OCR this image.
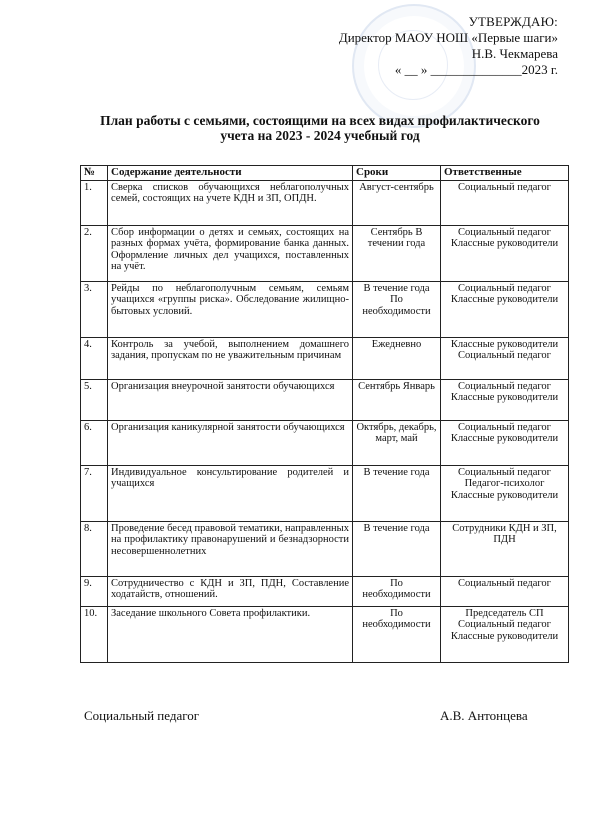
УТВЕРЖДАЮ:
Директор МАОУ НОШ «Первые шаги»
Н.В. Чекмарева
« __ » ______________2023 г.
План работы с семьями, состоящими на всех видах профилактического
учета на 2023 - 2024 учебный год
№	Содержание деятельности	Сроки	Ответственные
1.	Сверка списков обучающихся неблагополучных семей, состоящих на учете КДН и ЗП, ОПДН.	Август-сентябрь	Социальный педагог
2.	Сбор информации о детях и семьях, состоящих на разных формах учёта, формирование банка данных. Оформление личных дел учащихся, поставленных на учёт.	Сентябрь В течении года	Социальный педагог Классные руководители
3.	Рейды по неблагополучным семьям, семьям учащихся «группы риска». Обследование жилищно-бытовых условий.	В течение года По необходимости	Социальный педагог Классные руководители
4.	Контроль за учебой, выполнением домашнего задания, пропускам по не уважительным причинам	Ежедневно	Классные руководители Социальный педагог
5.	Организация внеурочной занятости обучающихся	Сентябрь Январь	Социальный педагог Классные руководители
6.	Организация каникулярной занятости обучающихся	Октябрь, декабрь, март, май	Социальный педагог Классные руководители
7.	Индивидуальное консультирование родителей и учащихся	В течение года	Социальный педагог Педагог-психолог Классные руководители
8.	Проведение бесед правовой тематики, направленных на профилактику правонарушений и безнадзорности несовершеннолетних	В течение года	Сотрудники КДН и ЗП, ПДН
9.	Сотрудничество с КДН и ЗП, ПДН, Составление ходатайств, отношений.	По необходимости	Социальный педагог
10.	Заседание школьного Совета профилактики.	По необходимости	Председатель СП Социальный педагог Классные руководители
Социальный педагог	А.В. Антонцева
